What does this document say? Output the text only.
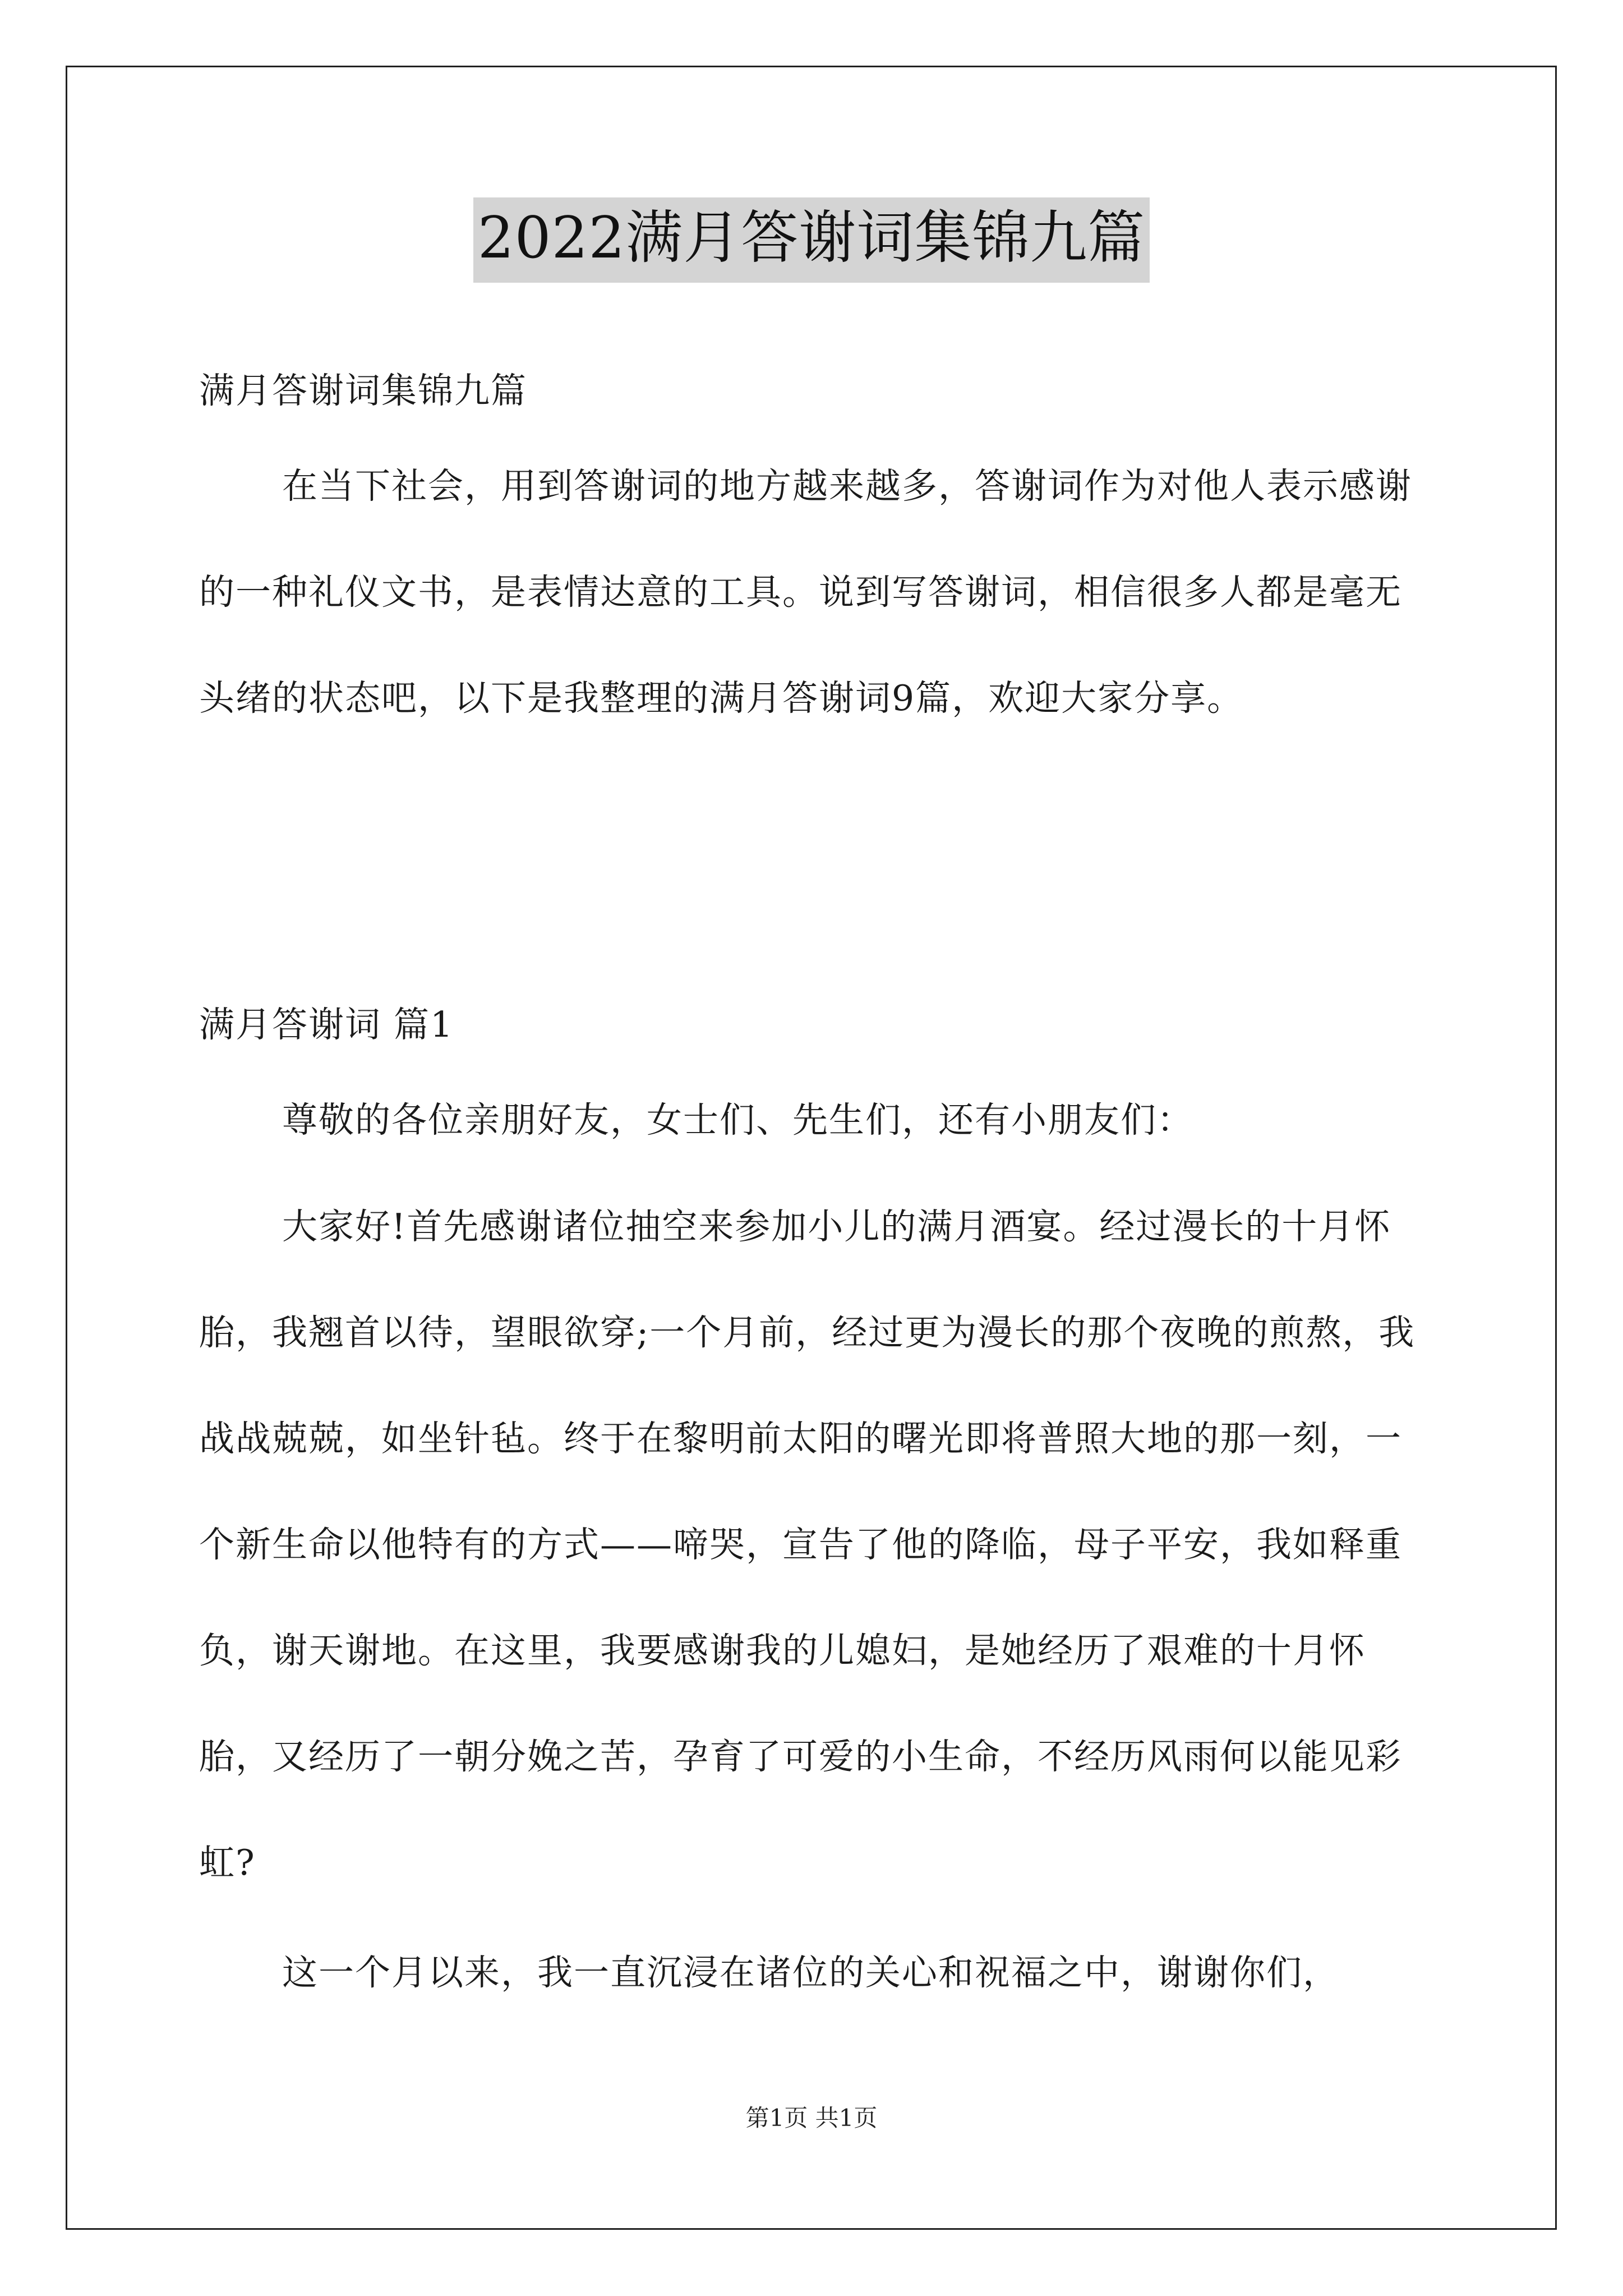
2022满月答谢词集锦九篇

满月答谢词集锦九篇

在当下社会，用到答谢词的地方越来越多，答谢词作为对他人表示感谢的一种礼仪文书，是表情达意的工具。说到写答谢词，相信很多人都是毫无头绪的状态吧，以下是我整理的满月答谢词9篇，欢迎大家分享。

满月答谢词 篇1

尊敬的各位亲朋好友，女士们、先生们，还有小朋友们：

大家好!首先感谢诸位抽空来参加小儿的满月酒宴。经过漫长的十月怀胎，我翘首以待，望眼欲穿;一个月前，经过更为漫长的那个夜晚的煎熬，我战战兢兢，如坐针毡。终于在黎明前太阳的曙光即将普照大地的那一刻，一个新生命以他特有的方式——啼哭，宣告了他的降临，母子平安，我如释重负，谢天谢地。在这里，我要感谢我的儿媳妇，是她经历了艰难的十月怀胎，又经历了一朝分娩之苦，孕育了可爱的小生命，不经历风雨何以能见彩虹?

这一个月以来，我一直沉浸在诸位的关心和祝福之中，谢谢你们，

第1页 共1页
